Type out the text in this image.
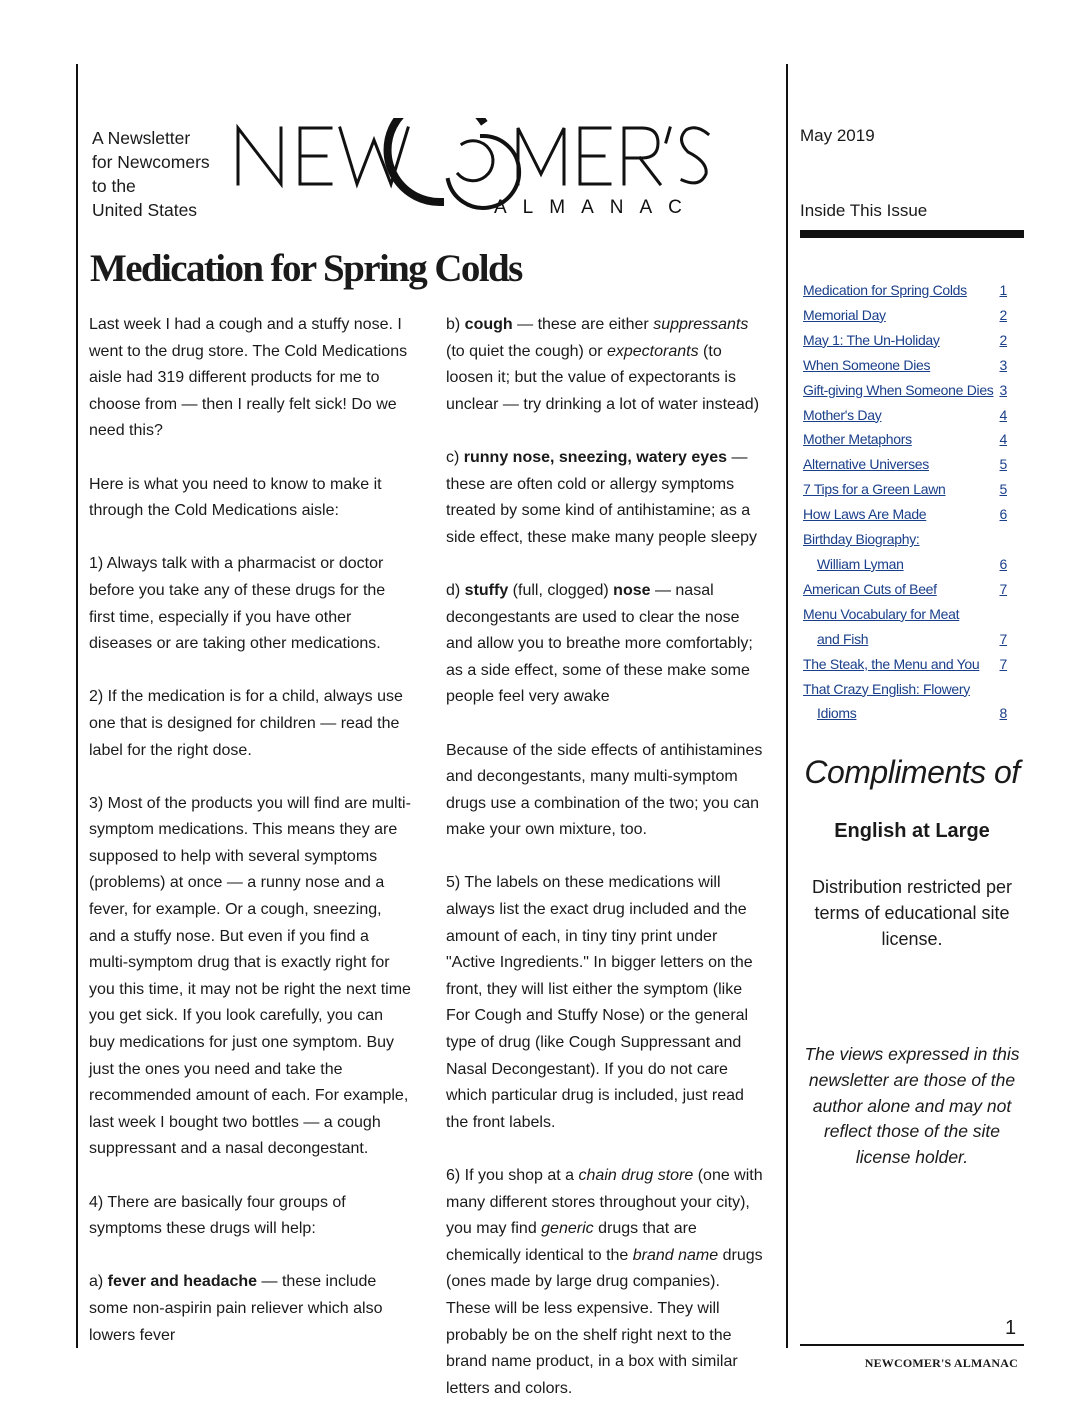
A Newsletter
for Newcomers
to the
United States	ALMANAC
NEWCOMER'S
Medication for Spring Colds

Last week I had a cough and a stuffy nose. I went to the drug store. The Cold Medications aisle had 319 different products for me to choose from — then I really felt sick! Do we need this?

Here is what you need to know to make it through the Cold Medications aisle:

1) Always talk with a pharmacist or doctor before you take any of these drugs for the first time, especially if you have other diseases or are taking other medications.

2) If the medication is for a child, always use one that is designed for children — read the label for the right dose.

3) Most of the products you will find are multi-symptom medications. This means they are supposed to help with several symptoms (problems) at once — a runny nose and a fever, for example. Or a cough, sneezing, and a stuffy nose. But even if you find a multi-symptom drug that is exactly right for you this time, it may not be right the next time you get sick. If you look carefully, you can buy medications for just one symptom. Buy just the ones you need and take the recommended amount of each. For example, last week I bought two bottles — a cough suppressant and a nasal decongestant.

4) There are basically four groups of symptoms these drugs will help:

a) fever and headache — these include some non-aspirin pain reliever which also lowers fever

b) cough — these are either suppressants (to quiet the cough) or expectorants (to loosen it; but the value of expectorants is unclear — try drinking a lot of water instead)

c) runny nose, sneezing, watery eyes — these are often cold or allergy symptoms treated by some kind of antihistamine; as a side effect, these make many people sleepy

d) stuffy (full, clogged) nose — nasal decongestants are used to clear the nose and allow you to breathe more comfortably; as a side effect, some of these make some people feel very awake

Because of the side effects of antihistamines and decongestants, many multi-symptom drugs use a combination of the two; you can make your own mixture, too.

5) The labels on these medications will always list the exact drug included and the amount of each, in tiny tiny print under "Active Ingredients." In bigger letters on the front, they will list either the symptom (like For Cough and Stuffy Nose) or the general type of drug (like Cough Suppressant and Nasal Decongestant). If you do not care which particular drug is included, just read the front labels.

6) If you shop at a chain drug store (one with many different stores throughout your city), you may find generic drugs that are chemically identical to the brand name drugs (ones made by large drug companies). These will be less expensive. They will probably be on the shelf right next to the brand name product, in a box with similar letters and colors.

May 2019
Inside This Issue
Medication for Spring Colds	1
Memorial Day	2
May 1: The Un-Holiday	2
When Someone Dies	3
Gift-giving When Someone Dies 3
Mother's Day	4
Mother Metaphors	4
Alternative Universes	5
7 Tips for a Green Lawn	5
How Laws Are Made	6
Birthday Biography:
William Lyman	6
American Cuts of Beef	7
Menu Vocabulary for Meat
and Fish	7
The Steak, the Menu and You	7
That Crazy English: Flowery
Idioms	8
Compliments of
English at Large
Distribution restricted per terms of educational site license.
The views expressed in this newsletter are those of the author alone and may not reflect those of the site license holder.
1
NEWCOMER'S ALMANAC
